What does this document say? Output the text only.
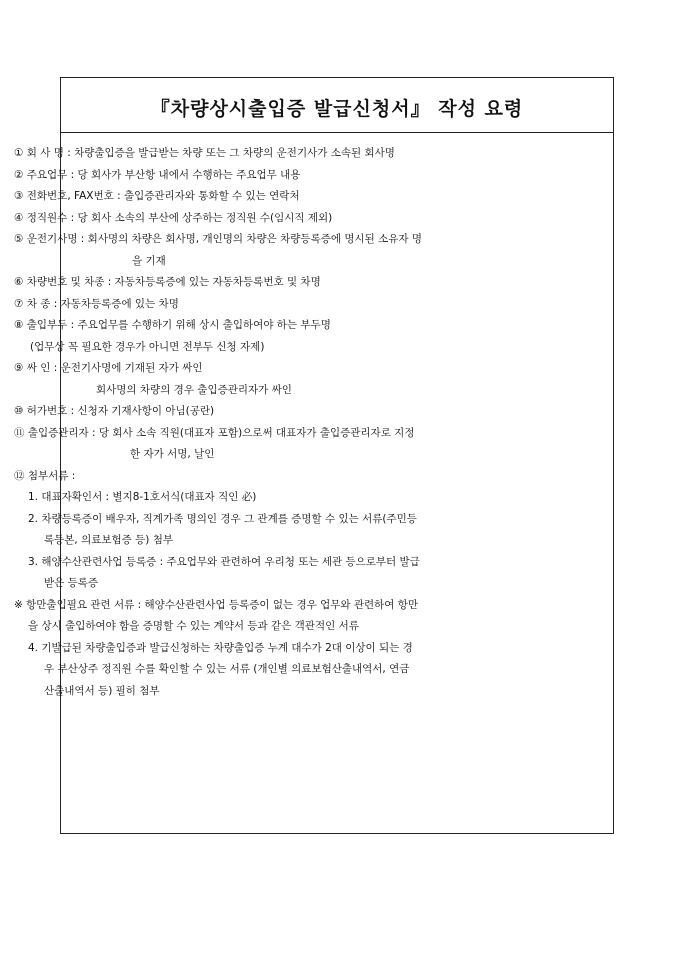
『차량상시출입증 발급신청서』 작성 요령
① 회 사 명 : 차량출입증을 발급받는 차량 또는 그 차량의 운전기사가 소속된 회사명
② 주요업무 : 당 회사가 부산항 내에서 수행하는 주요업무 내용
③ 전화번호, FAX번호 : 출입증관리자와 통화할 수 있는 연락처
④ 정직원수 : 당 회사 소속의 부산에 상주하는 정직원 수(임시직 제외)
⑤ 운전기사명 : 회사명의 차량은 회사명, 개인명의 차량은 차량등록증에 명시된 소유자 명
을 기재
⑥ 차량번호 및 차종 : 자동차등록증에 있는 자동차등록번호 및 차명
⑦ 차 종 : 자동차등록증에 있는 차명
⑧ 출입부두 : 주요업무를 수행하기 위해 상시 출입하여야 하는 부두명
(업무상 꼭 필요한 경우가 아니면 전부두 신청 자제)
⑨ 싸 인 : 운전기사명에 기재된 자가 싸인
회사명의 차량의 경우 출입증관리자가 싸인
⑩ 허가번호 : 신청자 기재사항이 아님(공란)
⑪ 출입증관리자 : 당 회사 소속 직원(대표자 포함)으로써 대표자가 출입증관리자로 지정
한 자가 서명, 날인
⑫ 첨부서류 :
1. 대표자확인서 : 별지8-1호서식(대표자 직인 必)
2. 차량등록증이 배우자, 직계가족 명의인 경우 그 관계를 증명할 수 있는 서류(주민등
록등본, 의료보험증 등) 첨부
3. 해양수산관련사업 등록증 : 주요업무와 관련하여 우리청 또는 세관 등으로부터 발급
받은 등록증
※ 항만출입필요 관련 서류 : 해양수산관련사업 등록증이 없는 경우 업무와 관련하여 항만
을 상시 출입하여야 함을 증명할 수 있는 계약서 등과 같은 객관적인 서류
4. 기발급된 차량출입증과 발급신청하는 차량출입증 누계 대수가 2대 이상이 되는 경
우 부산상주 정직원 수를 확인할 수 있는 서류 (개인별 의료보험산출내역서, 연금
산출내역서 등) 필히 첨부
